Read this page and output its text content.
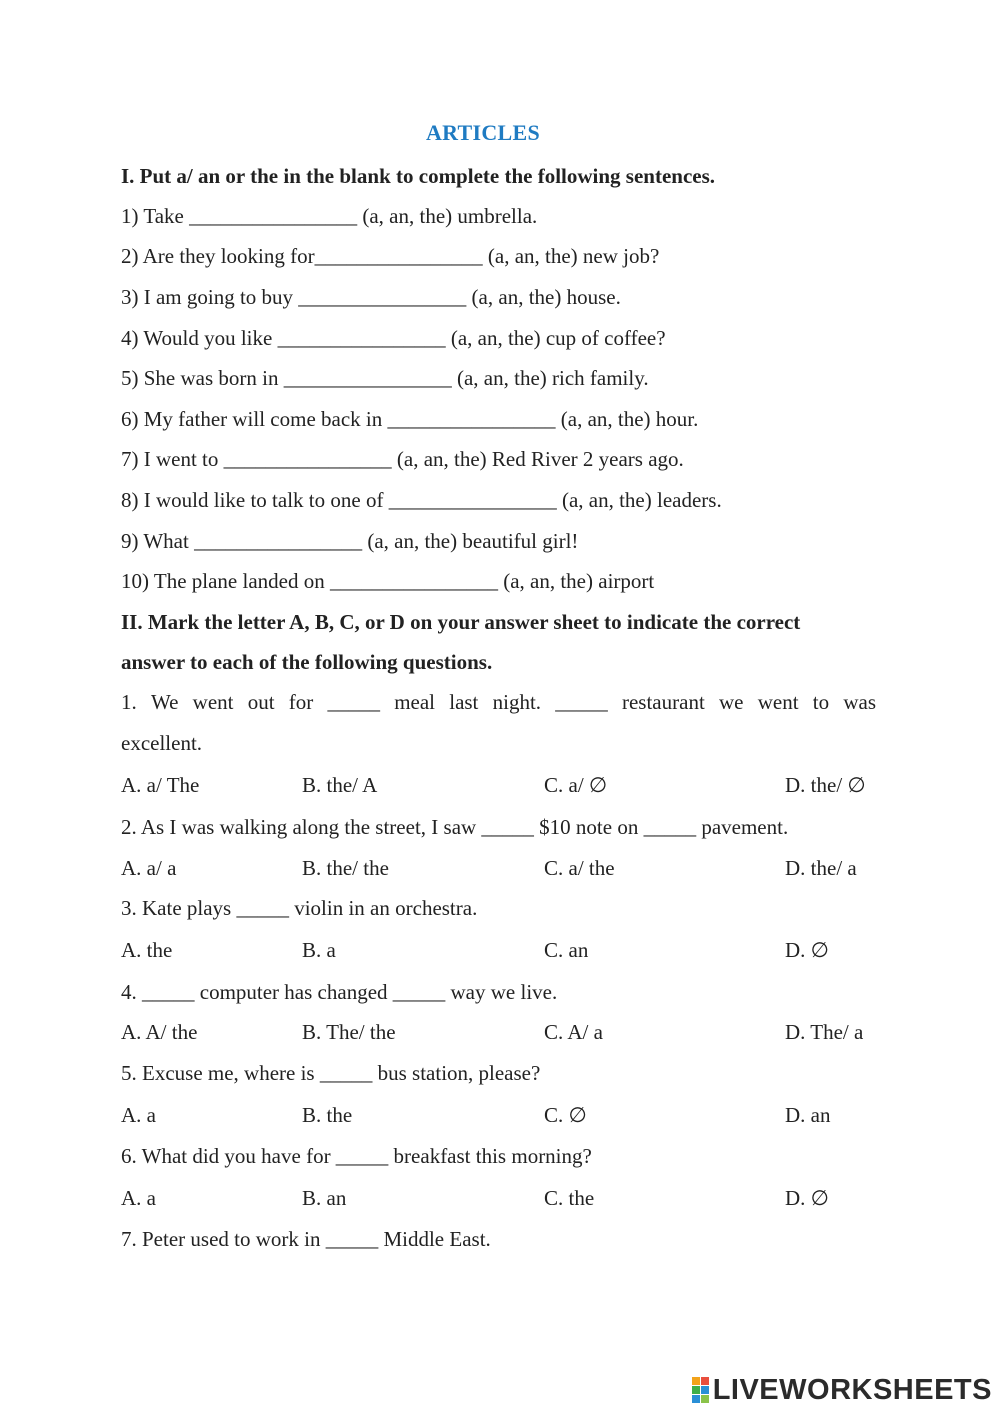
ARTICLES
I. Put a/ an or the in the blank to complete the following sentences.
1) Take ________________ (a, an, the) umbrella.
2) Are they looking for________________ (a, an, the) new job?
3) I am going to buy ________________ (a, an, the) house.
4) Would you like ________________ (a, an, the) cup of coffee?
5) She was born in ________________ (a, an, the) rich family.
6) My father will come back in ________________ (a, an, the) hour.
7) I went to ________________ (a, an, the) Red River 2 years ago.
8) I would like to talk to one of ________________ (a, an, the) leaders.
9) What ________________ (a, an, the) beautiful girl!
10) The plane landed on ________________ (a, an, the) airport
II. Mark the letter A, B, C, or D on your answer sheet to indicate the correct
answer to each of the following questions.
1. We went out for _____ meal last night. _____ restaurant we went to was
excellent.
A. a/ The	B. the/ A	C. a/ ∅	D. the/ ∅
2. As I was walking along the street, I saw _____ $10 note on _____ pavement.
A. a/ a	B. the/ the	C. a/ the	D. the/ a
3. Kate plays _____ violin in an orchestra.
A. the	B. a	C. an	D. ∅
4. _____ computer has changed _____ way we live.
A. A/ the	B. The/ the	C. A/ a	D. The/ a
5. Excuse me, where is _____ bus station, please?
A. a	B. the	C. ∅	D. an
6. What did you have for _____ breakfast this morning?
A. a	B. an	C. the	D. ∅
7. Peter used to work in _____ Middle East.
LIVEWORKSHEETS
